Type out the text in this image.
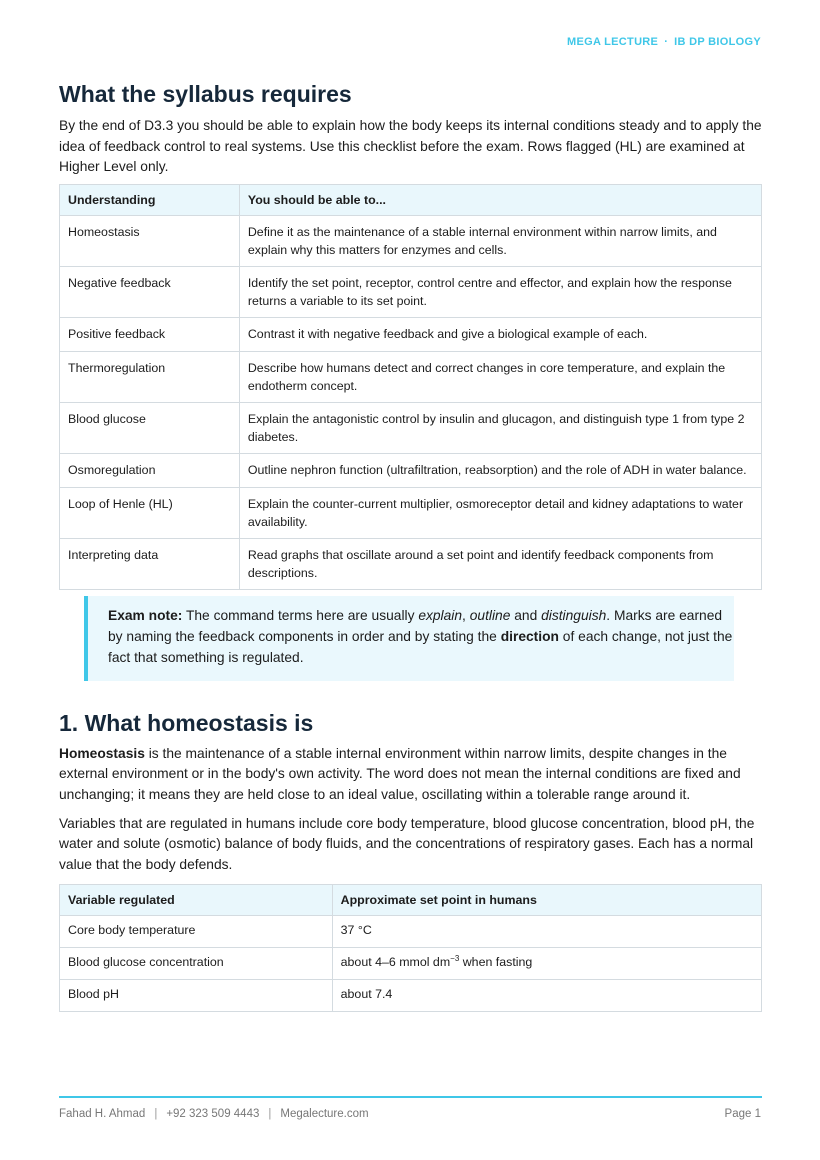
MEGA LECTURE · IB DP BIOLOGY
What the syllabus requires

By the end of D3.3 you should be able to explain how the body keeps its internal conditions steady and to apply the idea of feedback control to real systems. Use this checklist before the exam. Rows flagged (HL) are examined at Higher Level only.

Understanding	You should be able to...
Homeostasis	Define it as the maintenance of a stable internal environment within narrow limits, and explain why this matters for enzymes and cells.
Negative feedback	Identify the set point, receptor, control centre and effector, and explain how the response returns a variable to its set point.
Positive feedback	Contrast it with negative feedback and give a biological example of each.
Thermoregulation	Describe how humans detect and correct changes in core temperature, and explain the endotherm concept.
Blood glucose	Explain the antagonistic control by insulin and glucagon, and distinguish type 1 from type 2 diabetes.
Osmoregulation	Outline nephron function (ultrafiltration, reabsorption) and the role of ADH in water balance.
Loop of Henle (HL)	Explain the counter-current multiplier, osmoreceptor detail and kidney adaptations to water availability.
Interpreting data	Read graphs that oscillate around a set point and identify feedback components from descriptions.
Exam note: The command terms here are usually explain, outline and distinguish. Marks are earned by naming the feedback components in order and by stating the direction of each change, not just the fact that something is regulated.
1. What homeostasis is

Homeostasis is the maintenance of a stable internal environment within narrow limits, despite changes in the external environment or in the body's own activity. The word does not mean the internal conditions are fixed and unchanging; it means they are held close to an ideal value, oscillating within a tolerable range around it.

Variables that are regulated in humans include core body temperature, blood glucose concentration, blood pH, the water and solute (osmotic) balance of body fluids, and the concentrations of respiratory gases. Each has a normal value that the body defends.

Variable regulated	Approximate set point in humans
Core body temperature	37 °C
Blood glucose concentration	about 4–6 mmol $dm^{-3}$ when fasting
Blood pH	about 7.4
Fahad H. Ahmad | +92 323 509 4443 | Megalecture.com	Page 1
